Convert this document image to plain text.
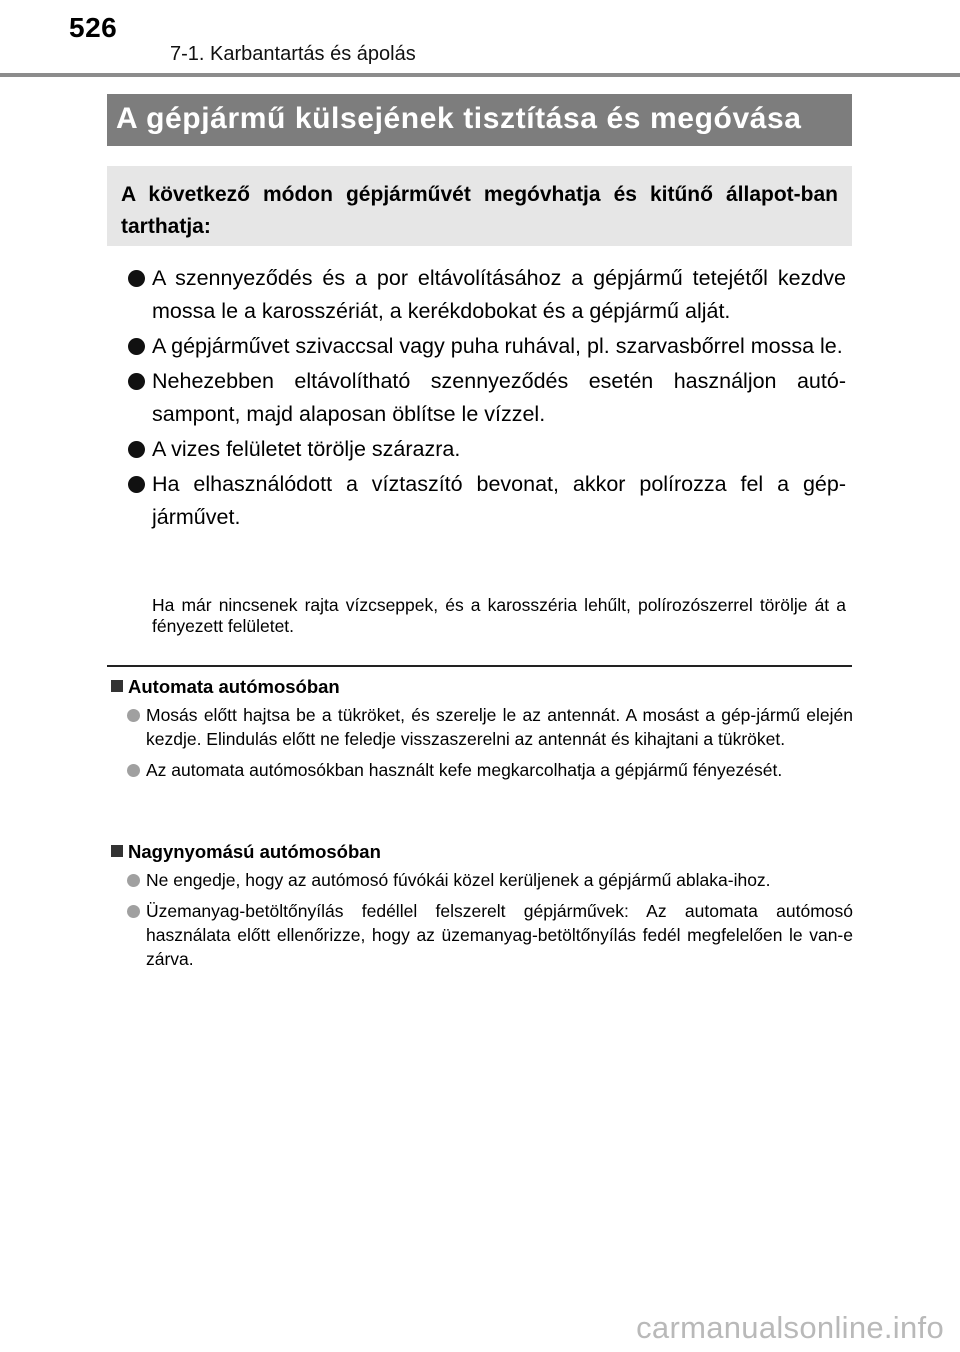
526
7-1. Karbantartás és ápolás
A gépjármű külsejének tisztítása és megóvása
A következő módon gépjárművét megóvhatja és kitűnő állapot-ban tarthatja:
A szennyeződés és a por eltávolításához a gépjármű tetejétől kezdve mossa le a karosszériát, a kerékdobokat és a gépjármű alját.
A gépjárművet szivaccsal vagy puha ruhával, pl. szarvasbőrrel mossa le.
Nehezebben eltávolítható szennyeződés esetén használjon autó-sampont, majd alaposan öblítse le vízzel.
A vizes felületet törölje szárazra.
Ha elhasználódott a víztaszító bevonat, akkor polírozza fel a gép-járművet.
Ha már nincsenek rajta vízcseppek, és a karosszéria lehűlt, polírozószerrel törölje át a fényezett felületet.
Automata autómosóban
Mosás előtt hajtsa be a tükröket, és szerelje le az antennát. A mosást a gép-jármű elején kezdje. Elindulás előtt ne feledje visszaszerelni az antennát és kihajtani a tükröket.
Az automata autómosókban használt kefe megkarcolhatja a gépjármű fényezését.
Nagynyomású autómosóban
Ne engedje, hogy az autómosó fúvókái közel kerüljenek a gépjármű ablaka-ihoz.
Üzemanyag-betöltőnyílás fedéllel felszerelt gépjárművek: Az automata autómosó használata előtt ellenőrizze, hogy az üzemanyag-betöltőnyílás fedél megfelelően le van-e zárva.
carmanualsonline.info
